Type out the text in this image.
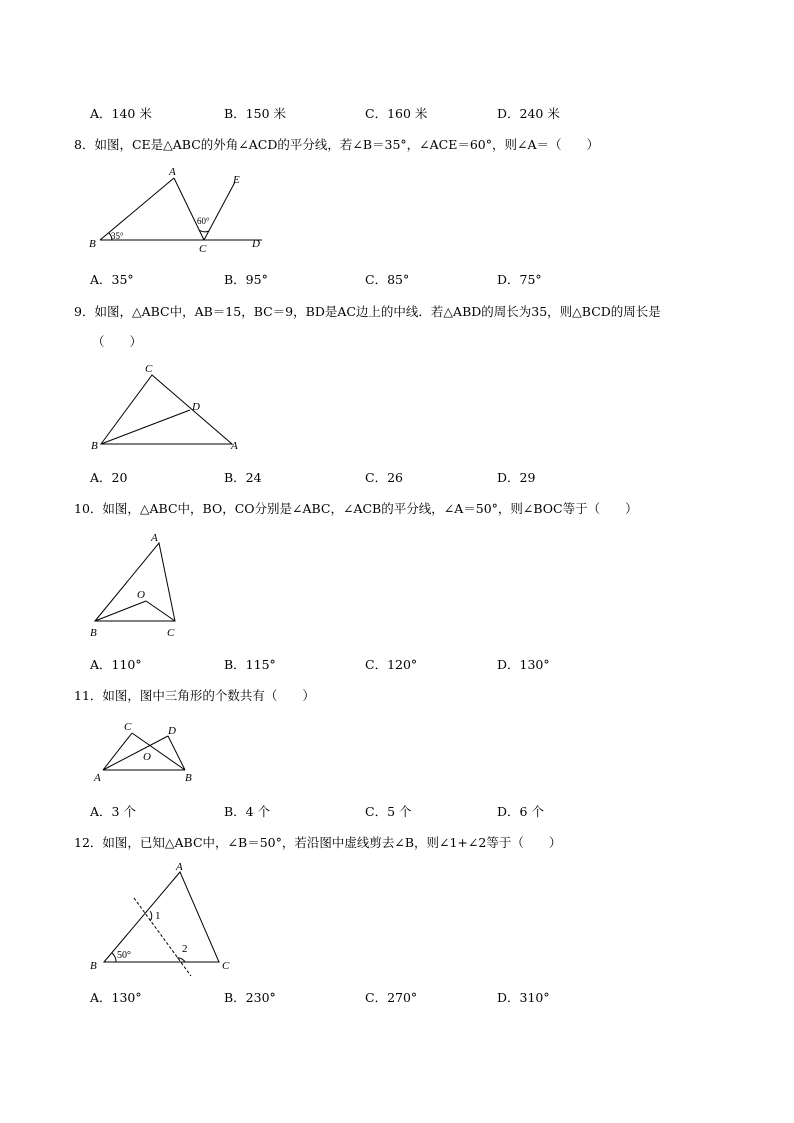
A．140 米	B．150 米	C．160 米	D．240 米
8．如图，CE是△ABC的外角∠ACD的平分线，若∠B＝35°，∠ACE＝60°，则∠A＝（　　）
A
B	C	D
E
35°
60°
A．35°	B．95°	C．85°	D．75°
9．如图，△ABC中，AB＝15，BC＝9，BD是AC边上的中线．若△ABD的周长为35，则△BCD的周长是
（　　）
C
D
B	A
A．20	B．24	C．26	D．29
10．如图，△ABC中，BO，CO分别是∠ABC，∠ACB的平分线，∠A＝50°，则∠BOC等于（　　）
A
O
B	C
A．110°	B．115°	C．120°	D．130°
11．如图，图中三角形的个数共有（　　）
C	D
O
A	B
A．3 个	B．4 个	C．5 个	D．6 个
12．如图，已知△ABC中，∠B＝50°，若沿图中虚线剪去∠B，则∠1+∠2等于（　　）
A
B	C
1
2
50°
A．130°	B．230°	C．270°	D．310°
